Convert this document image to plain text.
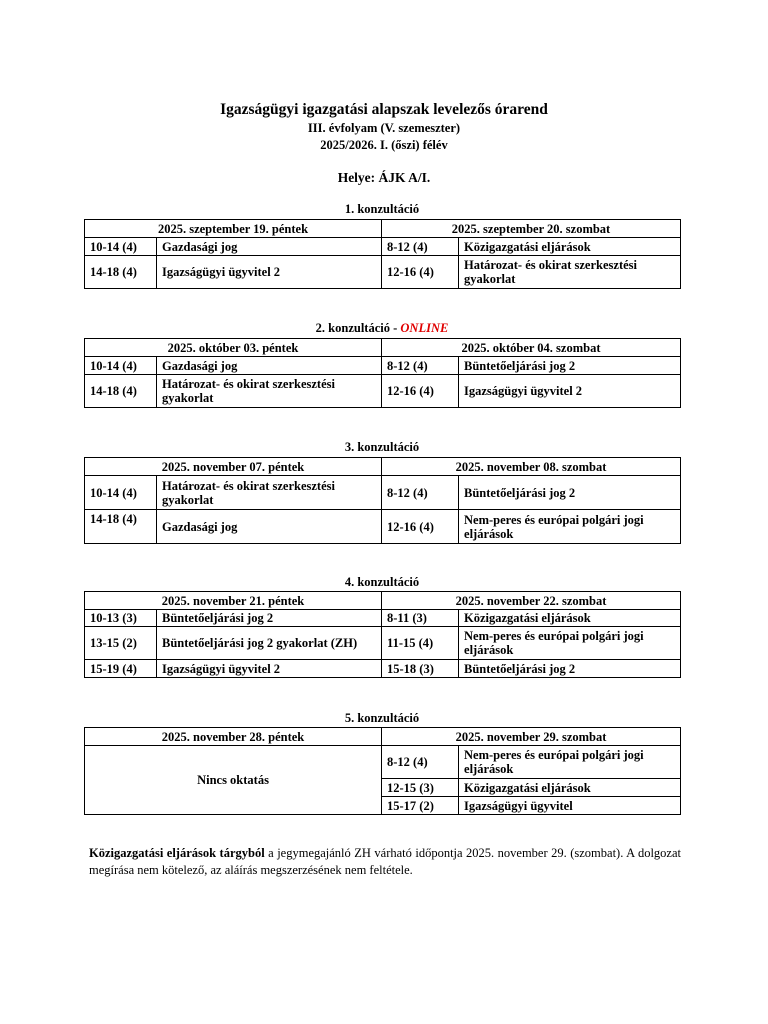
Igazságügyi igazgatási alapszak levelezős órarend
III. évfolyam (V. szemeszter)
2025/2026. I. (őszi) félév
Helye: ÁJK A/I.
1. konzultáció
2025. szeptember 19. péntek		2025. szeptember 20. szombat	
10-14 (4)	Gazdasági jog	8-12 (4)	Közigazgatási eljárások
14-18 (4)	Igazságügyi ügyvitel 2	12-16 (4)	Határozat- és okirat szerkesztési gyakorlat
2. konzultáció - ONLINE
2025. október 03. péntek		2025. október 04. szombat	
10-14 (4)	Gazdasági jog	8-12 (4)	Büntetőeljárási jog 2
14-18 (4)	Határozat- és okirat szerkesztési gyakorlat	12-16 (4)	Igazságügyi ügyvitel 2
3. konzultáció
2025. november 07. péntek		2025. november 08. szombat	
10-14 (4)	Határozat- és okirat szerkesztési gyakorlat	8-12 (4)	Büntetőeljárási jog 2
14-18 (4)	Gazdasági jog	12-16 (4)	Nem-peres és európai polgári jogi eljárások
4. konzultáció
2025. november 21. péntek		2025. november 22. szombat	
10-13 (3)	Büntetőeljárási jog 2	8-11 (3)	Közigazgatási eljárások
13-15 (2)	Büntetőeljárási jog 2 gyakorlat (ZH)	11-15 (4)	Nem-peres és európai polgári jogi eljárások
15-19 (4)	Igazságügyi ügyvitel 2	15-18 (3)	Büntetőeljárási jog 2
5. konzultáció
2025. november 28. péntek	2025. november 29. szombat	
Nincs oktatás	8-12 (4)	Nem-peres és európai polgári jogi eljárások
	12-15 (3)	Közigazgatási eljárások
	15-17 (2)	Igazságügyi ügyvitel
Közigazgatási eljárások tárgyból a jegymegajánló ZH várható időpontja 2025. november 29. (szombat). A dolgozat megírása nem kötelező, az aláírás megszerzésének nem feltétele.
